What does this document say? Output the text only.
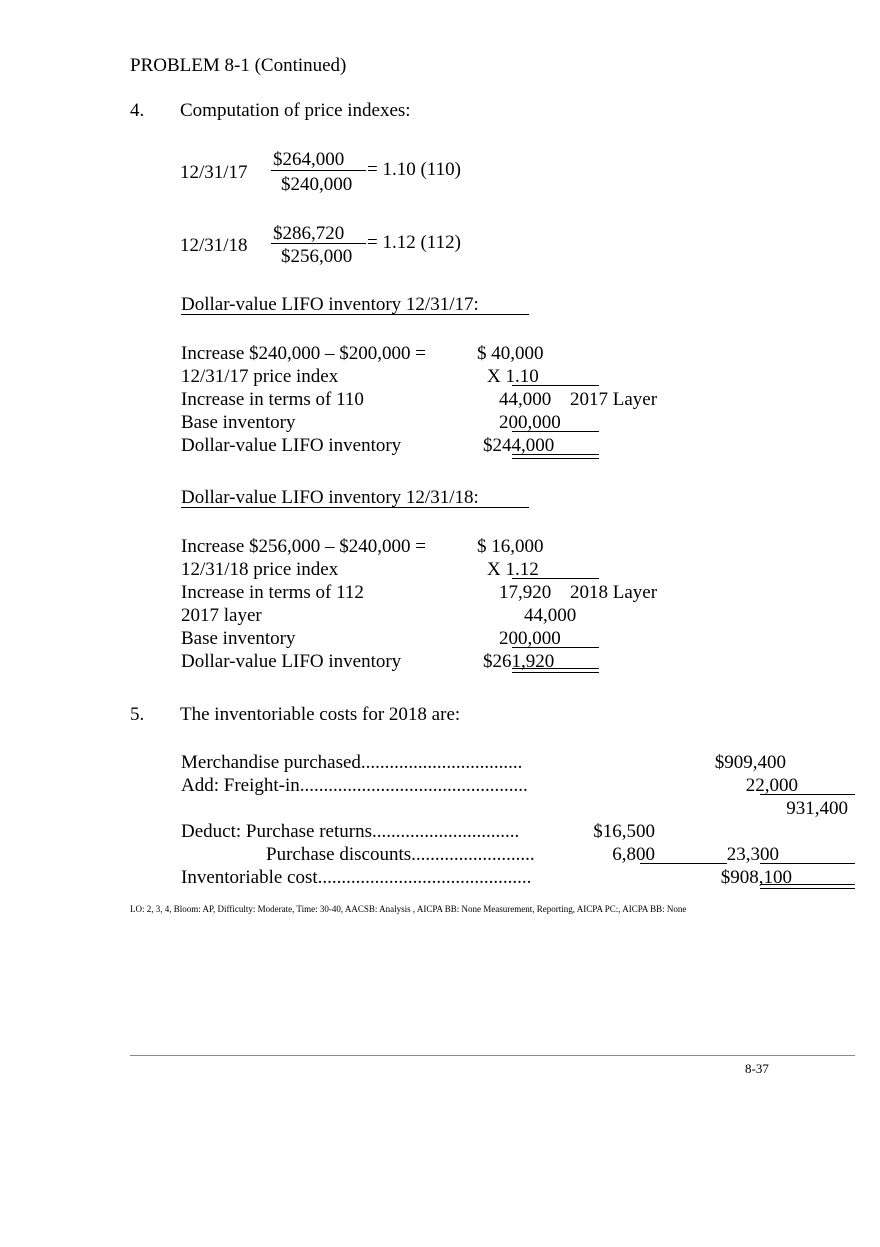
PROBLEM 8-1 (Continued)
4. Computation of price indexes:
12/31/17
$264,000
$240,000
= 1.10 (110)
12/31/18
$286,720
$256,000
= 1.12 (112)
Dollar-value LIFO inventory 12/31/17:
Increase $240,000 – $200,000 =	$ 40,000
12/31/17 price index	X 1.10
Increase in terms of 110	44,000 2017 Layer
Base inventory	200,000
Dollar-value LIFO inventory	$244,000
Dollar-value LIFO inventory 12/31/18:
Increase $256,000 – $240,000 =	$ 16,000
12/31/18 price index	X 1.12
Increase in terms of 112	17,920 2018 Layer
2017 layer	44,000
Base inventory	200,000
Dollar-value LIFO inventory	$261,920
5. The inventoriable costs for 2018 are:
Merchandise purchased..................................	$909,400
Add: Freight-in................................................	22,000
931,400
Deduct: Purchase returns...............................	$16,500
Purchase discounts..........................	6,800	23,300
Inventoriable cost.............................................	$908,100
LO: 2, 3, 4, Bloom: AP, Difficulty: Moderate, Time: 30-40, AACSB: Analysis , AICPA BB: None Measurement, Reporting, AICPA PC:, AICPA BB: None
8-37
